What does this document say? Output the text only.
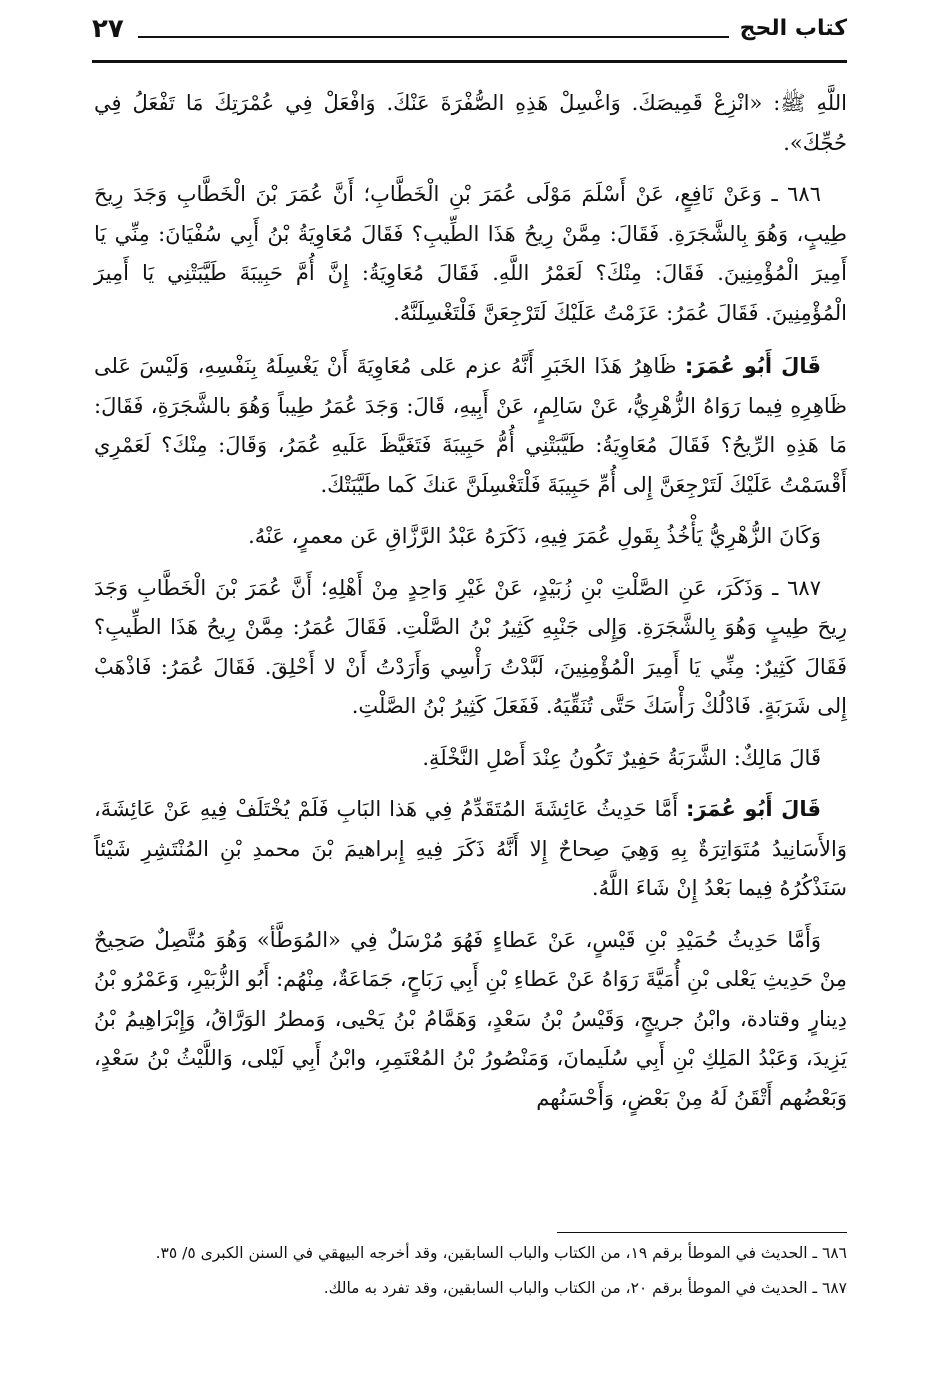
كتاب الحج
٢٧

اللَّهِ ﷺ: «انْزِعْ قَمِيصَكَ. وَاغْسِلْ هَذِهِ الصُّفْرَةَ عَنْكَ. وَافْعَلْ فِي عُمْرَتِكَ مَا تَفْعَلُ فِي حُجِّكَ».

٦٨٦ ـ وَعَنْ نَافِعٍ، عَنْ أَسْلَمَ مَوْلَى عُمَرَ بْنِ الْخَطَّابِ؛ أَنَّ عُمَرَ بْنَ الْخَطَّابِ وَجَدَ رِيحَ طِيبٍ، وَهُوَ بِالشَّجَرَةِ. فَقَالَ: مِمَّنْ رِيحُ هَذَا الطِّيبِ؟ فَقَالَ مُعَاوِيَةُ بْنُ أَبِي سُفْيَانَ: مِنِّي يَا أَمِيرَ الْمُؤْمِنِينَ. فَقَالَ: مِنْكَ؟ لَعَمْرُ اللَّهِ. فَقَالَ مُعَاوِيَةُ: إِنَّ أُمَّ حَبِيبَةَ طَيَّبَتْنِي يَا أَمِيرَ الْمُؤْمِنِينَ. فَقَالَ عُمَرُ: عَزَمْتُ عَلَيْكَ لَتَرْجِعَنَّ فَلْتَغْسِلَنَّهُ.

قَالَ أَبُو عُمَرَ: ظَاهِرُ هَذَا الخَبَرِ أَنَّهُ عزم عَلى مُعَاوِيَةَ أَنْ يَغْسِلَهُ بِنَفْسِهِ، وَلَيْسَ عَلى ظَاهِرِهِ فِيما رَوَاهُ الزُّهْرِيُّ، عَنْ سَالِمٍ، عَنْ أَبِيهِ، قَالَ: وَجَدَ عُمَرُ طِيباً وَهُوَ بالشَّجَرَةِ، فَقَالَ: مَا هَذِهِ الرِّيحُ؟ فَقَالَ مُعَاوِيَةُ: طَيَّبَتْنِي أُمُّ حَبِيبَةَ فَتَغَيَّظَ عَلَيهِ عُمَرُ، وَقَالَ: مِنْكَ؟ لَعَمْرِي أَقْسَمْتُ عَلَيْكَ لَتَرْجِعَنَّ إِلى أُمِّ حَبِيبَةَ فَلْتَغْسِلَنَّ عَنكَ كَما طَيَّبَتْكَ.

وَكَانَ الزُّهْرِيُّ يَأْخُذُ بِقَولِ عُمَرَ فِيهِ، ذَكَرَهُ عَبْدُ الرَّزَّاقِ عَن معمرٍ، عَنْهُ.

٦٨٧ ـ وَذَكَرَ، عَنِ الصَّلْتِ بْنِ زُبَيْدٍ، عَنْ غَيْرِ وَاحِدٍ مِنْ أَهْلِهِ؛ أَنَّ عُمَرَ بْنَ الْخَطَّابِ وَجَدَ رِيحَ طِيبٍ وَهُوَ بِالشَّجَرَةِ. وَإِلى جَنْبِهِ كَثِيرُ بْنُ الصَّلْتِ. فَقَالَ عُمَرُ: مِمَّنْ رِيحُ هَذَا الطِّيبِ؟ فَقَالَ كَثِيرٌ: مِنِّي يَا أَمِيرَ الْمُؤْمِنِينَ، لَبَّدْتُ رَأْسِي وَأَرَدْتُ أَنْ لا أَحْلِقَ. فَقَالَ عُمَرُ: فَاذْهَبْ إِلى شَرَبَةٍ. فَادْلُكْ رَأْسَكَ حَتَّى تُنَقِّيَهُ. فَفَعَلَ كَثِيرُ بْنُ الصَّلْتِ.

قَالَ مَالِكٌ: الشَّرَبَةُ حَفِيرٌ تَكُونُ عِنْدَ أَصْلِ النَّخْلَةِ.

قَالَ أَبُو عُمَرَ: أَمَّا حَدِيثُ عَائِشَةَ المُتَقَدِّمُ فِي هَذا البَابِ فَلَمْ يُخْتَلَفْ فِيهِ عَنْ عَائِشَةَ، وَالأَسَانِيدُ مُتَوَاتِرَةٌ بِهِ وَهِيَ صِحاحٌ إِلا أَنَّهُ ذَكَرَ فِيهِ إِبراهيمَ بْنَ محمدِ بْنِ المُنْتَشِرِ شَيْئاً سَنَذْكُرُهُ فِيما بَعْدُ إِنْ شَاءَ اللَّهُ.

وَأَمَّا حَدِيثُ حُمَيْدِ بْنِ قَيْسٍ، عَنْ عَطاءٍ فَهُوَ مُرْسَلٌ فِي «المُوَطَّأ» وَهُوَ مُتَّصِلٌ صَحِيحٌ مِنْ حَدِيثِ يَعْلى بْنِ أُمَيَّةَ رَوَاهُ عَنْ عَطاءِ بْنِ أَبِي رَبَاحٍ، جَمَاعَةٌ، مِنْهُم: أَبُو الزُّبَيْرِ، وَعَمْرُو بْنُ دِينارٍ وقتادة، وابْنُ جريجٍ، وَقَيْسُ بْنُ سَعْدٍ، وَهَمَّامُ بْنُ يَحْيى، وَمطرُ الوَرَّاقُ، وَإِبْرَاهِيمُ بْنُ يَزِيدَ، وَعَبْدُ المَلِكِ بْنِ أَبِي سُلَيمانَ، وَمَنْصُورُ بْنُ المُعْتَمِرِ، وابْنُ أَبِي لَيْلى، وَاللَّيْثُ بْنُ سَعْدٍ، وَبَعْضُهم أَتْقَنُ لَهُ مِنْ بَعْضٍ، وَأَحْسَنُهم

٦٨٦ ـ الحديث في الموطأ برقم ١٩، من الكتاب والباب السابقين، وقد أخرجه البيهقي في السنن الكبرى ٥/ ٣٥.

٦٨٧ ـ الحديث في الموطأ برقم ٢٠، من الكتاب والباب السابقين، وقد تفرد به مالك.
